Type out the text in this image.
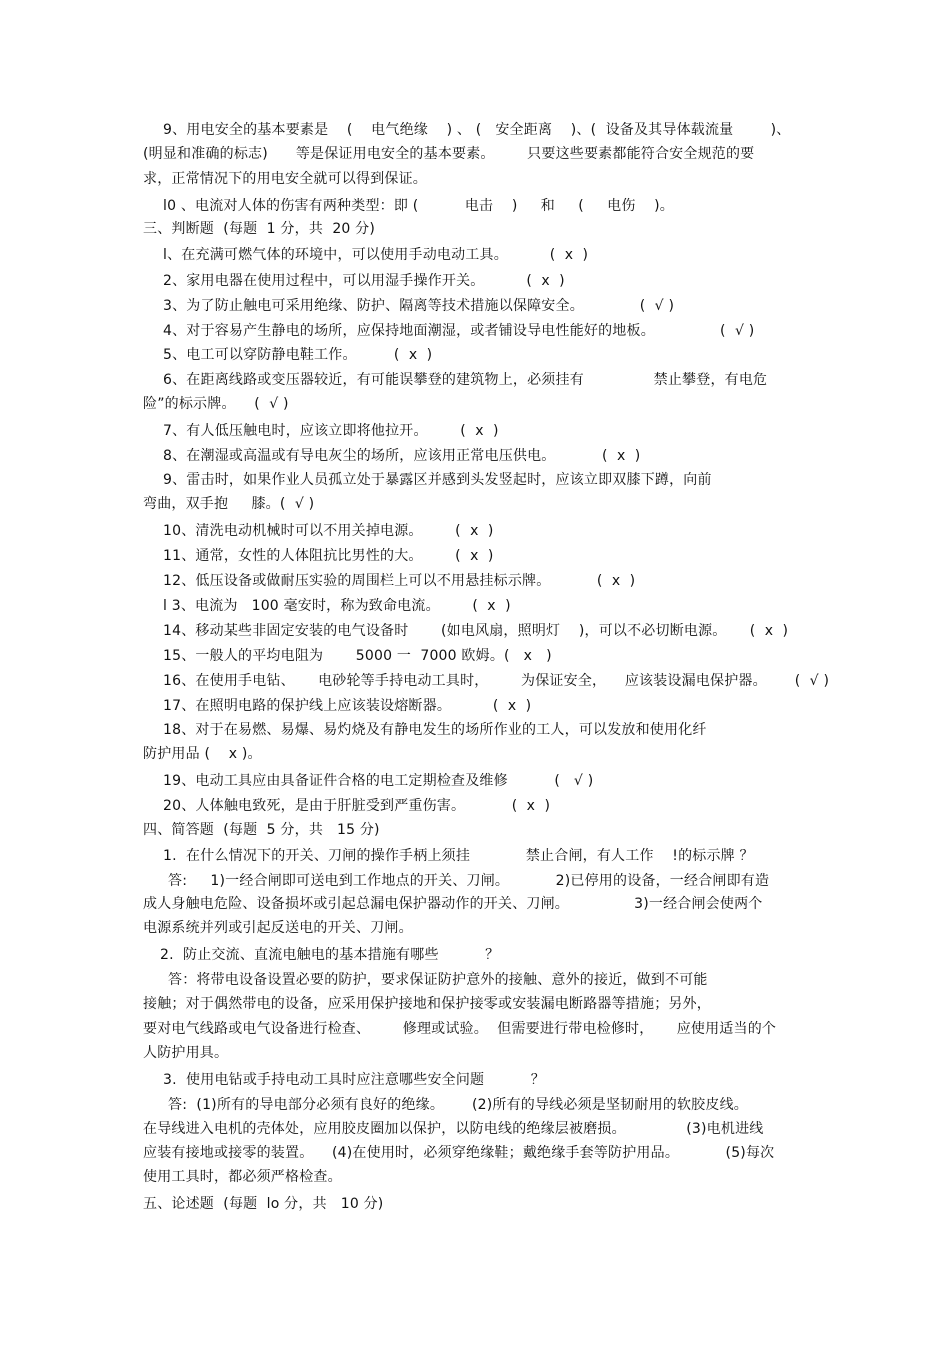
9、用电安全的基本要素是    (    电气绝缘    ) 、 (   安全距离    )、(  设备及其导体载流量        )、
(明显和准确的标志)      等是保证用电安全的基本要素。       只要这些要素都能符合安全规范的要
求，正常情况下的用电安全就可以得到保证。
l0 、电流对人体的伤害有两种类型：即 (          电击    )     和     (     电伤    )。
三、判断题  (每题  1 分，共  20 分)
l、在充满可燃气体的环境中，可以使用手动电动工具。         (  x  )
2、家用电器在使用过程中，可以用湿手操作开关。         (  x  )
3、为了防止触电可采用绝缘、防护、隔离等技术措施以保障安全。            (  √ )
4、对于容易产生静电的场所，应保持地面潮湿，或者铺设导电性能好的地板。              (  √ )
5、电工可以穿防静电鞋工作。        (  x  )
6、在距离线路或变压器较近，有可能误攀登的建筑物上，必须挂有               禁止攀登，有电危
险”的标示牌。    (  √ )
7、有人低压触电时，应该立即将他拉开。       (  x  )
8、在潮湿或高温或有导电灰尘的场所，应该用正常电压供电。          (  x  )
9、雷击时，如果作业人员孤立处于暴露区并感到头发竖起时，应该立即双膝下蹲，向前
弯曲，双手抱     膝。(  √ )
10、清洗电动机械时可以不用关掉电源。       (  x  )
11、通常，女性的人体阻抗比男性的大。       (  x  )
12、低压设备或做耐压实验的周围栏上可以不用悬挂标示牌。          (  x  )
l 3、电流为   100 毫安时，称为致命电流。       (  x  )
14、移动某些非固定安装的电气设备时       (如电风扇，照明灯    )，可以不必切断电源。     (  x  )
15、一般人的平均电阻为       5000 一  7000 欧姆。(   x   )
16、在使用手电钻、     电砂轮等手持电动工具时，       为保证安全，    应该装设漏电保护器。      (  √ )
17、在照明电路的保护线上应该装设熔断器。         (  x  )
18、对于在易燃、易爆、易灼烧及有静电发生的场所作业的工人，可以发放和使用化纤
防护用品 (    x )。
19、电动工具应由具备证件合格的电工定期检查及维修          (   √ )
20、人体触电致死，是由于肝脏受到严重伤害。          (  x  )
四、简答题  (每题  5 分，共   15 分)
1.  在什么情况下的开关、刀闸的操作手柄上须挂            禁止合闸，有人工作    !的标示牌 ？
答:     1)一经合闸即可送电到工作地点的开关、刀闸。          2)已停用的设备，一经合闸即有造
成人身触电危险、设备损坏或引起总漏电保护器动作的开关、刀闸。              3)一经合闸会使两个
电源系统并列或引起反送电的开关、刀闸。
2.  防止交流、直流电触电的基本措施有哪些          ？
答：将带电设备设置必要的防护，要求保证防护意外的接触、意外的接近，做到不可能
接触；对于偶然带电的设备，应采用保护接地和保护接零或安装漏电断路器等措施；另外，
要对电气线路或电气设备进行检查、       修理或试验。  但需要进行带电检修时，     应使用适当的个
人防护用具。
3.  使用电钻或手持电动工具时应注意哪些安全问题          ？
答:  (1)所有的导电部分必须有良好的绝缘。      (2)所有的导线必须是坚韧耐用的软胶皮线。
在导线进入电机的壳体处，应用胶皮圈加以保护，以防电线的绝缘层被磨损。             (3)电机进线
应装有接地或接零的装置。    (4)在使用时，必须穿绝缘鞋；戴绝缘手套等防护用品。          (5)每次
使用工具时，都必须严格检查。
五、论述题  (每题  lo 分，共   10 分)
